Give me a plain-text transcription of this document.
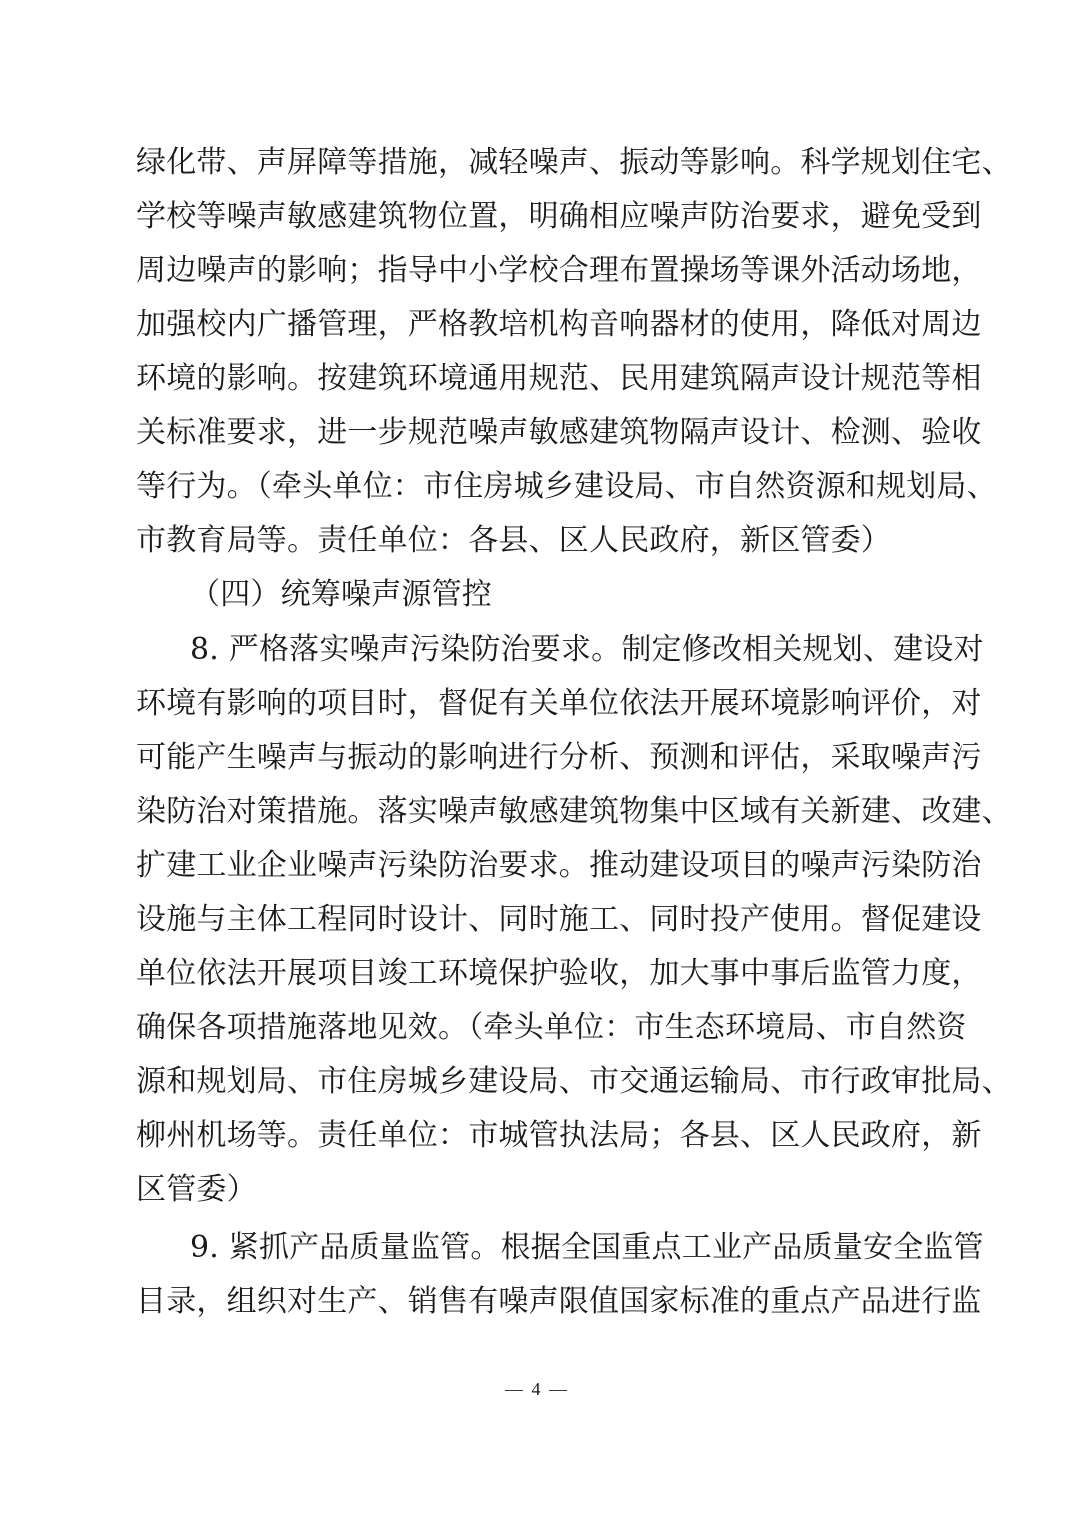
绿化带、声屏障等措施，减轻噪声、振动等影响。科学规划住宅、
学校等噪声敏感建筑物位置，明确相应噪声防治要求，避免受到
周边噪声的影响；指导中小学校合理布置操场等课外活动场地，
加强校内广播管理，严格教培机构音响器材的使用，降低对周边
环境的影响。按建筑环境通用规范、民用建筑隔声设计规范等相
关标准要求，进一步规范噪声敏感建筑物隔声设计、检测、验收
等行为。（牵头单位：市住房城乡建设局、市自然资源和规划局、
市教育局等。责任单位：各县、区人民政府，新区管委）
（四）统筹噪声源管控
8. 严格落实噪声污染防治要求。制定修改相关规划、建设对
环境有影响的项目时，督促有关单位依法开展环境影响评价，对
可能产生噪声与振动的影响进行分析、预测和评估，采取噪声污
染防治对策措施。落实噪声敏感建筑物集中区域有关新建、改建、
扩建工业企业噪声污染防治要求。推动建设项目的噪声污染防治
设施与主体工程同时设计、同时施工、同时投产使用。督促建设
单位依法开展项目竣工环境保护验收，加大事中事后监管力度，
确保各项措施落地见效。（牵头单位：市生态环境局、市自然资
源和规划局、市住房城乡建设局、市交通运输局、市行政审批局、
柳州机场等。责任单位：市城管执法局；各县、区人民政府，新
区管委）
9. 紧抓产品质量监管。根据全国重点工业产品质量安全监管
目录，组织对生产、销售有噪声限值国家标准的重点产品进行监
— 4 —
